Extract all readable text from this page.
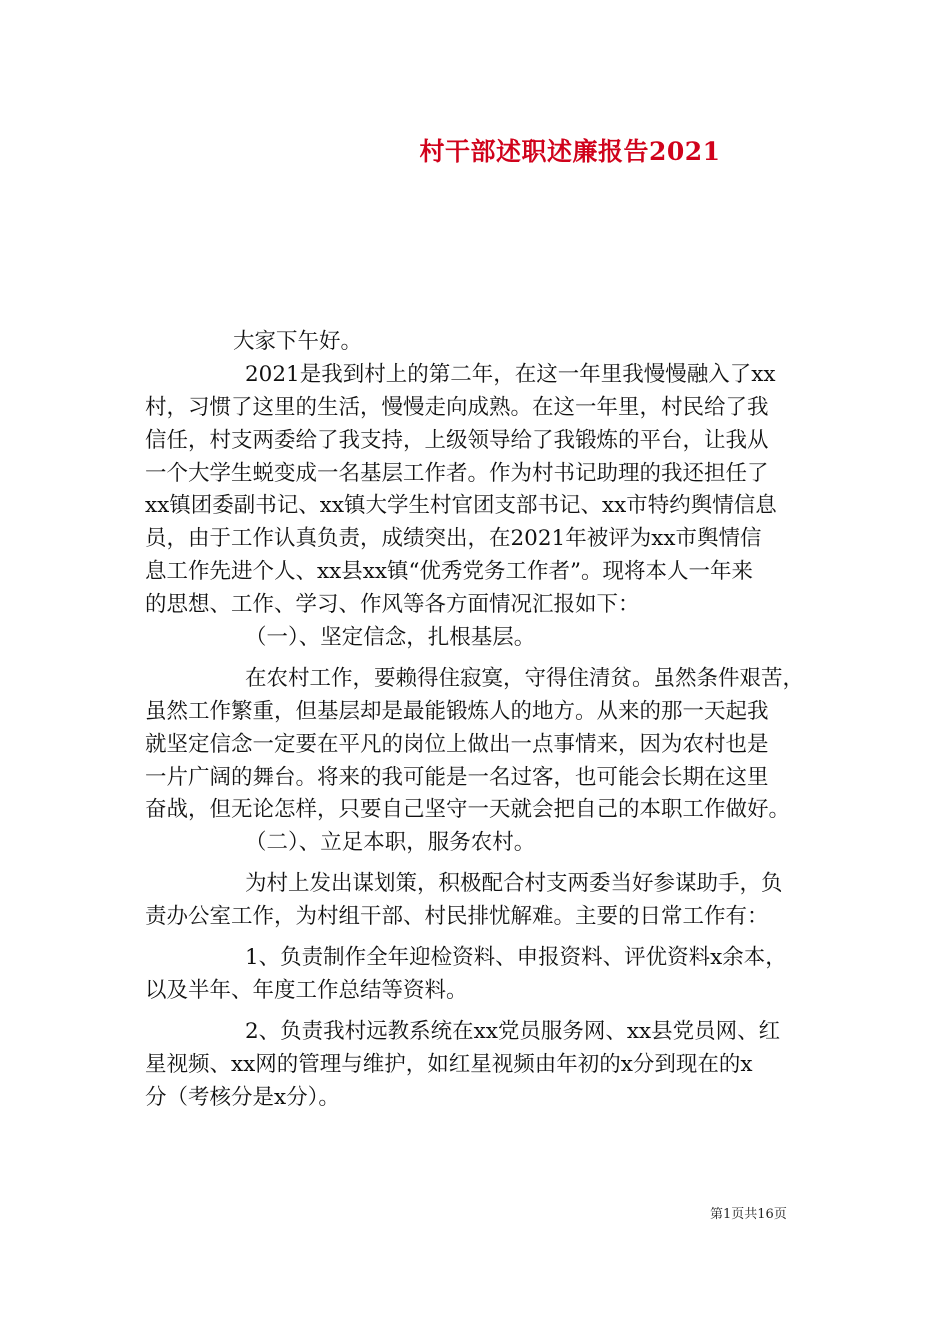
村干部述职述廉报告2021
大家下午好。
2021是我到村上的第二年，在这一年里我慢慢融入了xx
村，习惯了这里的生活，慢慢走向成熟。在这一年里，村民给了我
信任，村支两委给了我支持，上级领导给了我锻炼的平台，让我从
一个大学生蜕变成一名基层工作者。作为村书记助理的我还担任了
xx镇团委副书记、xx镇大学生村官团支部书记、xx市特约舆情信息
员，由于工作认真负责，成绩突出，在2021年被评为xx市舆情信
息工作先进个人、xx县xx镇“优秀党务工作者”。现将本人一年来
的思想、工作、学习、作风等各方面情况汇报如下：
（一）、坚定信念，扎根基层。
在农村工作，要赖得住寂寞，守得住清贫。虽然条件艰苦，
虽然工作繁重，但基层却是最能锻炼人的地方。从来的那一天起我
就坚定信念一定要在平凡的岗位上做出一点事情来，因为农村也是
一片广阔的舞台。将来的我可能是一名过客，也可能会长期在这里
奋战，但无论怎样，只要自己坚守一天就会把自己的本职工作做好。
（二）、立足本职，服务农村。
为村上发出谋划策，积极配合村支两委当好参谋助手，负
责办公室工作，为村组干部、村民排忧解难。主要的日常工作有：
1、负责制作全年迎检资料、申报资料、评优资料x余本，
以及半年、年度工作总结等资料。
2、负责我村远教系统在xx党员服务网、xx县党员网、红
星视频、xx网的管理与维护，如红星视频由年初的x分到现在的x
分（考核分是x分）。
第1页共16页
